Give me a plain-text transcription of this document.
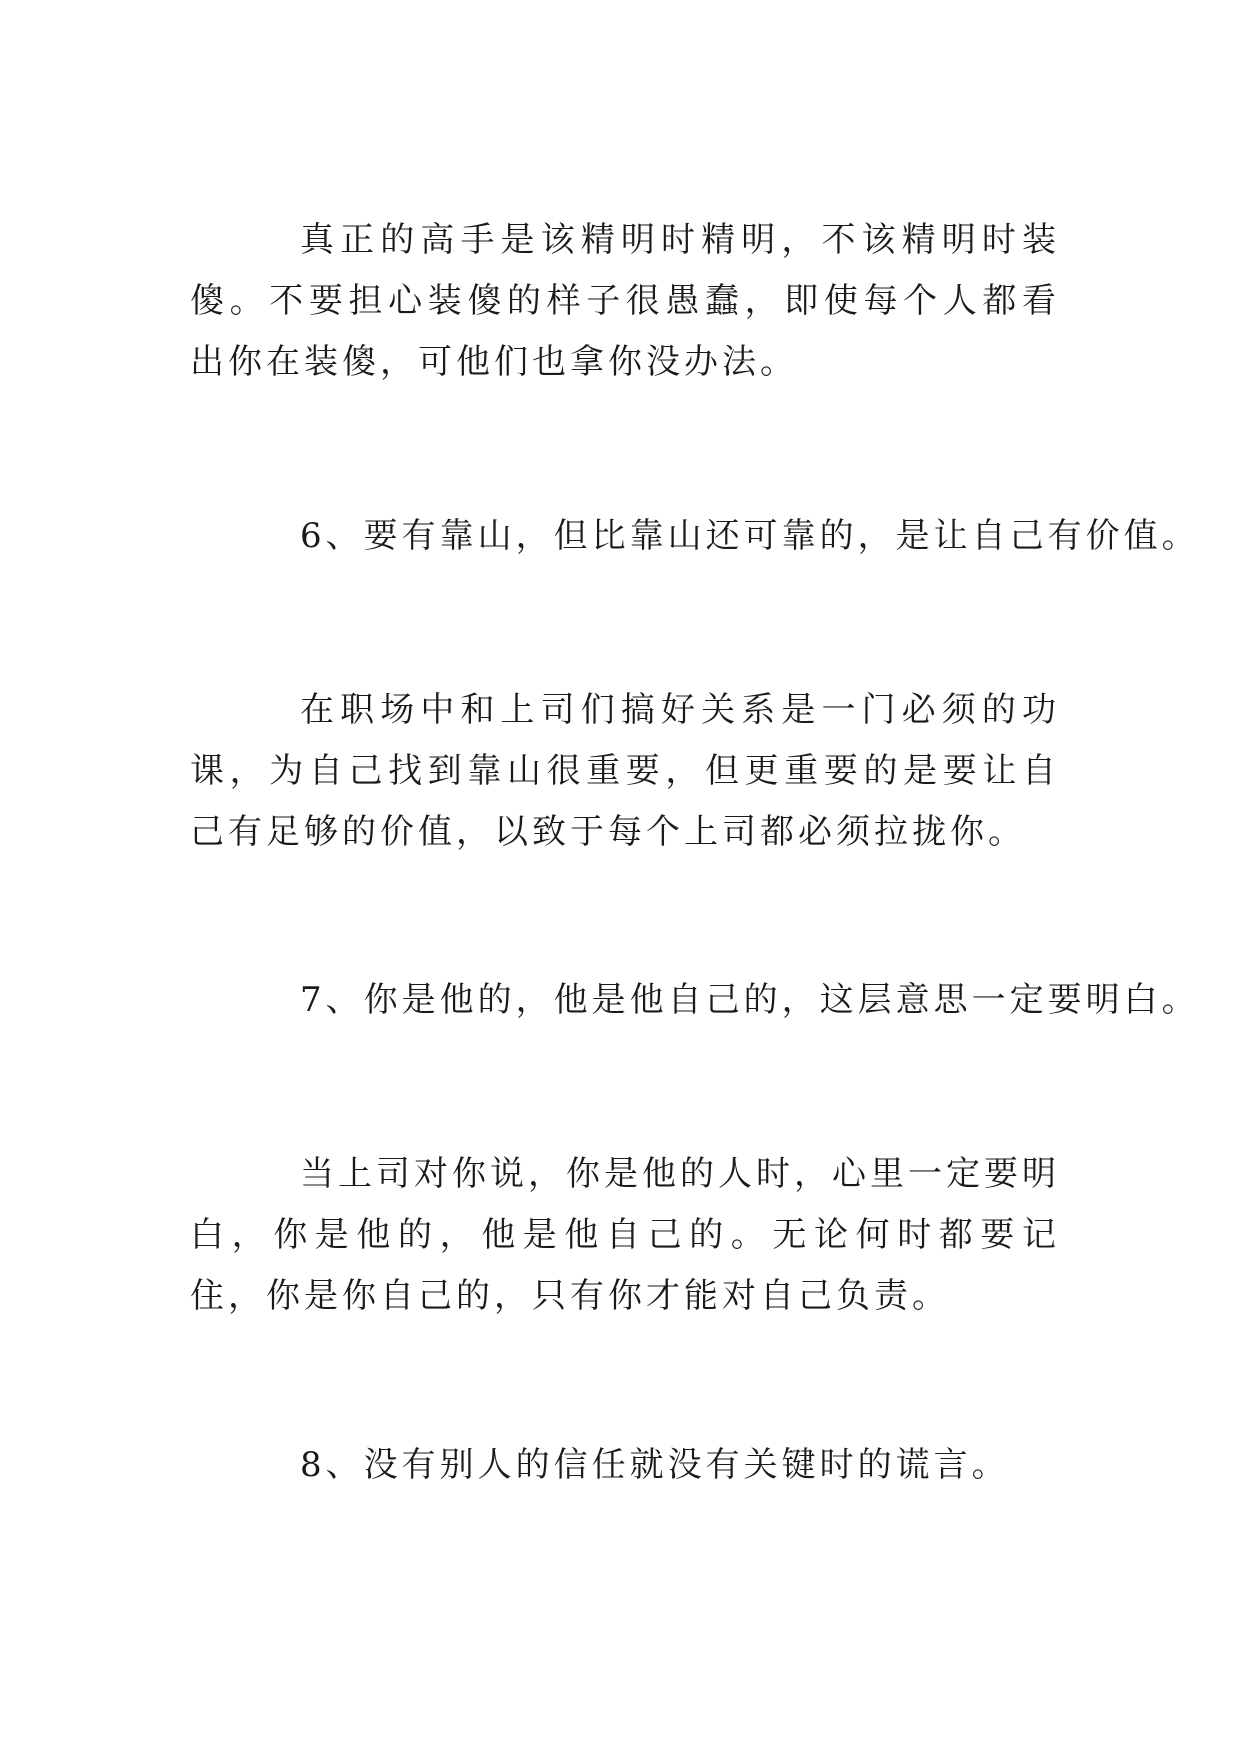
真正的高手是该精明时精明，不该精明时装傻。不要担心装傻的样子很愚蠢，即使每个人都看出你在装傻，可他们也拿你没办法。

6、要有靠山，但比靠山还可靠的，是让自己有价值。

在职场中和上司们搞好关系是一门必须的功课，为自己找到靠山很重要，但更重要的是要让自己有足够的价值，以致于每个上司都必须拉拢你。

7、你是他的，他是他自己的，这层意思一定要明白。

当上司对你说，你是他的人时，心里一定要明白，你是他的，他是他自己的。无论何时都要记住，你是你自己的，只有你才能对自己负责。

8、没有别人的信任就没有关键时的谎言。
